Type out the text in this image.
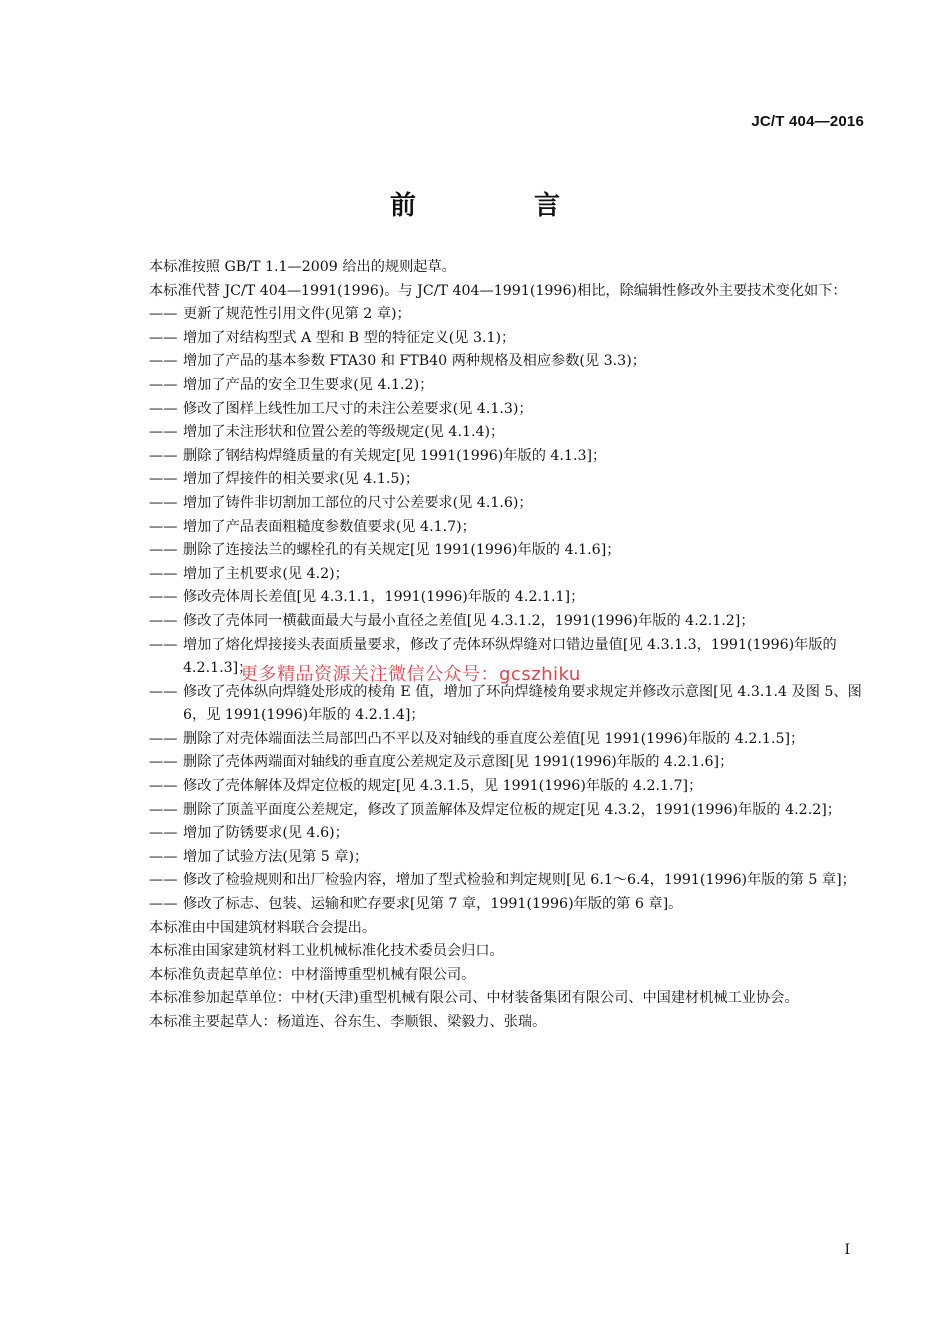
JC/T 404—2016
前　言

本标准按照 GB/T 1.1—2009 给出的规则起草。

本标准代替 JC/T 404—1991(1996)。与 JC/T 404—1991(1996)相比，除编辑性修改外主要技术变化如下：

—— 更新了规范性引用文件(见第 2 章)；
—— 增加了对结构型式 A 型和 B 型的特征定义(见 3.1)；
—— 增加了产品的基本参数 FTA30 和 FTB40 两种规格及相应参数(见 3.3)；
—— 增加了产品的安全卫生要求(见 4.1.2)；
—— 修改了图样上线性加工尺寸的未注公差要求(见 4.1.3)；
—— 增加了未注形状和位置公差的等级规定(见 4.1.4)；
—— 删除了钢结构焊缝质量的有关规定[见 1991(1996)年版的 4.1.3]；
—— 增加了焊接件的相关要求(见 4.1.5)；
—— 增加了铸件非切割加工部位的尺寸公差要求(见 4.1.6)；
—— 增加了产品表面粗糙度参数值要求(见 4.1.7)；
—— 删除了连接法兰的螺栓孔的有关规定[见 1991(1996)年版的 4.1.6]；
—— 增加了主机要求(见 4.2)；
—— 修改壳体周长差值[见 4.3.1.1，1991(1996)年版的 4.2.1.1]；
—— 修改了壳体同一横截面最大与最小直径之差值[见 4.3.1.2，1991(1996)年版的 4.2.1.2]；
—— 增加了熔化焊接接头表面质量要求，修改了壳体环纵焊缝对口错边量值[见 4.3.1.3，1991(1996)年版的 4.2.1.3]；
—— 修改了壳体纵向焊缝处形成的棱角 E 值，增加了环向焊缝棱角要求规定并修改示意图[见 4.3.1.4 及图 5、图 6，见 1991(1996)年版的 4.2.1.4]；
—— 删除了对壳体端面法兰局部凹凸不平以及对轴线的垂直度公差值[见 1991(1996)年版的 4.2.1.5]；
—— 删除了壳体两端面对轴线的垂直度公差规定及示意图[见 1991(1996)年版的 4.2.1.6]；
—— 修改了壳体解体及焊定位板的规定[见 4.3.1.5，见 1991(1996)年版的 4.2.1.7]；
—— 删除了顶盖平面度公差规定，修改了顶盖解体及焊定位板的规定[见 4.3.2，1991(1996)年版的 4.2.2]；
—— 增加了防锈要求(见 4.6)；
—— 增加了试验方法(见第 5 章)；
—— 修改了检验规则和出厂检验内容，增加了型式检验和判定规则[见 6.1～6.4，1991(1996)年版的第 5 章]；
—— 修改了标志、包装、运输和贮存要求[见第 7 章，1991(1996)年版的第 6 章]。

本标准由中国建筑材料联合会提出。

本标准由国家建筑材料工业机械标准化技术委员会归口。

本标准负责起草单位：中材淄博重型机械有限公司。

本标准参加起草单位：中材(天津)重型机械有限公司、中材装备集团有限公司、中国建材机械工业协会。

本标准主要起草人：杨道连、谷东生、李顺银、梁毅力、张瑞。

更多精品资源关注微信公众号：gcszhiku
I
